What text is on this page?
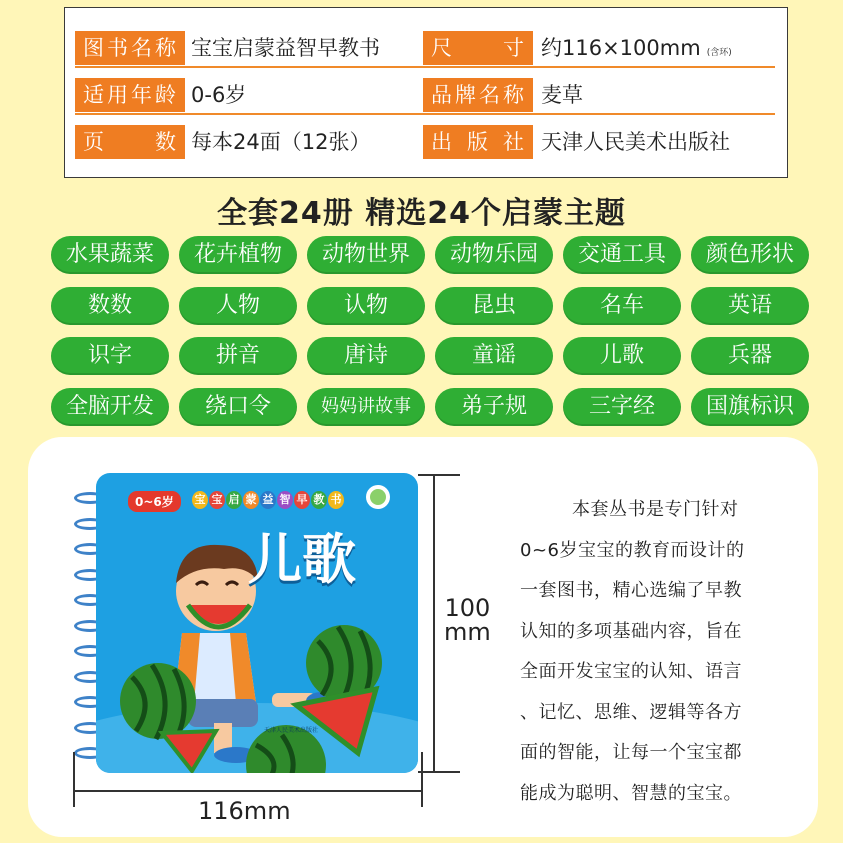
图书名称 宝宝启蒙益智早教书	尺　　寸 约116×100mm (含环)
适用年龄 0-6岁	品牌名称 麦草
页　　数 每本24面（12张）	出 版 社 天津人民美术出版社
全套24册 精选24个启蒙主题
水果蔬菜	花卉植物	动物世界	动物乐园	交通工具	颜色形状
数数	人物	认物	昆虫	名车	英语
识字	拼音	唐诗	童谣	儿歌	兵器
全脑开发	绕口令	妈妈讲故事	弟子规	三字经	国旗标识
0~6岁	宝 宝 启 蒙 益 智 早 教 书
儿歌
天津人民美术出版社
100
mm
116mm
本套丛书是专门针对
0~6岁宝宝的教育而设计的
一套图书，精心选编了早教
认知的多项基础内容，旨在
全面开发宝宝的认知、语言
、记忆、思维、逻辑等各方
面的智能，让每一个宝宝都
能成为聪明、智慧的宝宝。
